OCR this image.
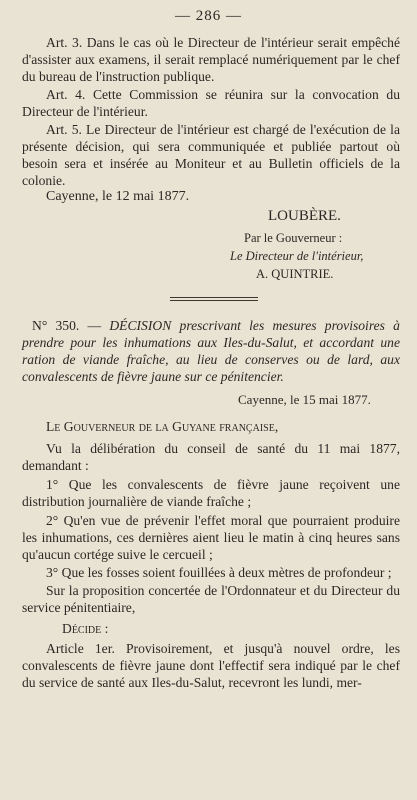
— 286 —

Art. 3. Dans le cas où le Directeur de l'intérieur serait empêché d'assister aux examens, il serait remplacé numériquement par le chef du bureau de l'instruction publique.

Art. 4. Cette Commission se réunira sur la convocation du Directeur de l'intérieur.

Art. 5. Le Directeur de l'intérieur est chargé de l'exécution de la présente décision, qui sera communiquée et publiée partout où besoin sera et insérée au Moniteur et au Bulletin officiels de la colonie.

Cayenne, le 12 mai 1877.
LOUBÈRE.
Par le Gouverneur :
Le Directeur de l'intérieur,
A. QUINTRIE.

N° 350. — DÉCISION prescrivant les mesures provisoires à prendre pour les inhumations aux Iles-du-Salut, et accordant une ration de viande fraîche, au lieu de conserves ou de lard, aux convalescents de fièvre jaune sur ce pénitencier.

Cayenne, le 15 mai 1877.

Le Gouverneur de la Guyane française,

Vu la délibération du conseil de santé du 11 mai 1877, demandant :

1° Que les convalescents de fièvre jaune reçoivent une distribution journalière de viande fraîche ;

2° Qu'en vue de prévenir l'effet moral que pourraient produire les inhumations, ces dernières aient lieu le matin à cinq heures sans qu'aucun cortége suive le cercueil ;

3° Que les fosses soient fouillées à deux mètres de profondeur ;

Sur la proposition concertée de l'Ordonnateur et du Directeur du service pénitentiaire,

Décide :

Article 1er. Provisoirement, et jusqu'à nouvel ordre, les convalescents de fièvre jaune dont l'effectif sera indiqué par le chef du service de santé aux Iles-du-Salut, recevront les lundi, mer-
